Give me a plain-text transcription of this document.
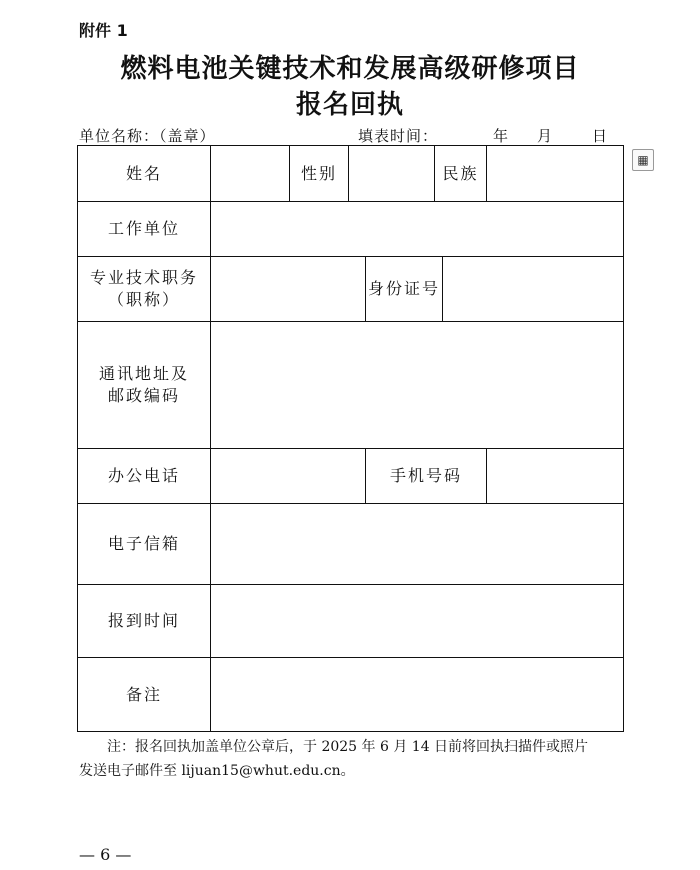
附件 1
燃料电池关键技术和发展高级研修项目
报名回执
单位名称：（盖章）	填表时间：	年 月	日
▦
姓名		性别			民族		
工作单位							

专业技术职务
（职称）				身份证号			

通讯地址及
邮政编码							

办公电话				手机号码			
电子信箱							
报到时间							
备注							
注：报名回执加盖单位公章后，于 2025 年 6 月 14 日前将回执扫描件或照片
发送电子邮件至 lijuan15@whut.edu.cn。
— 6 —
